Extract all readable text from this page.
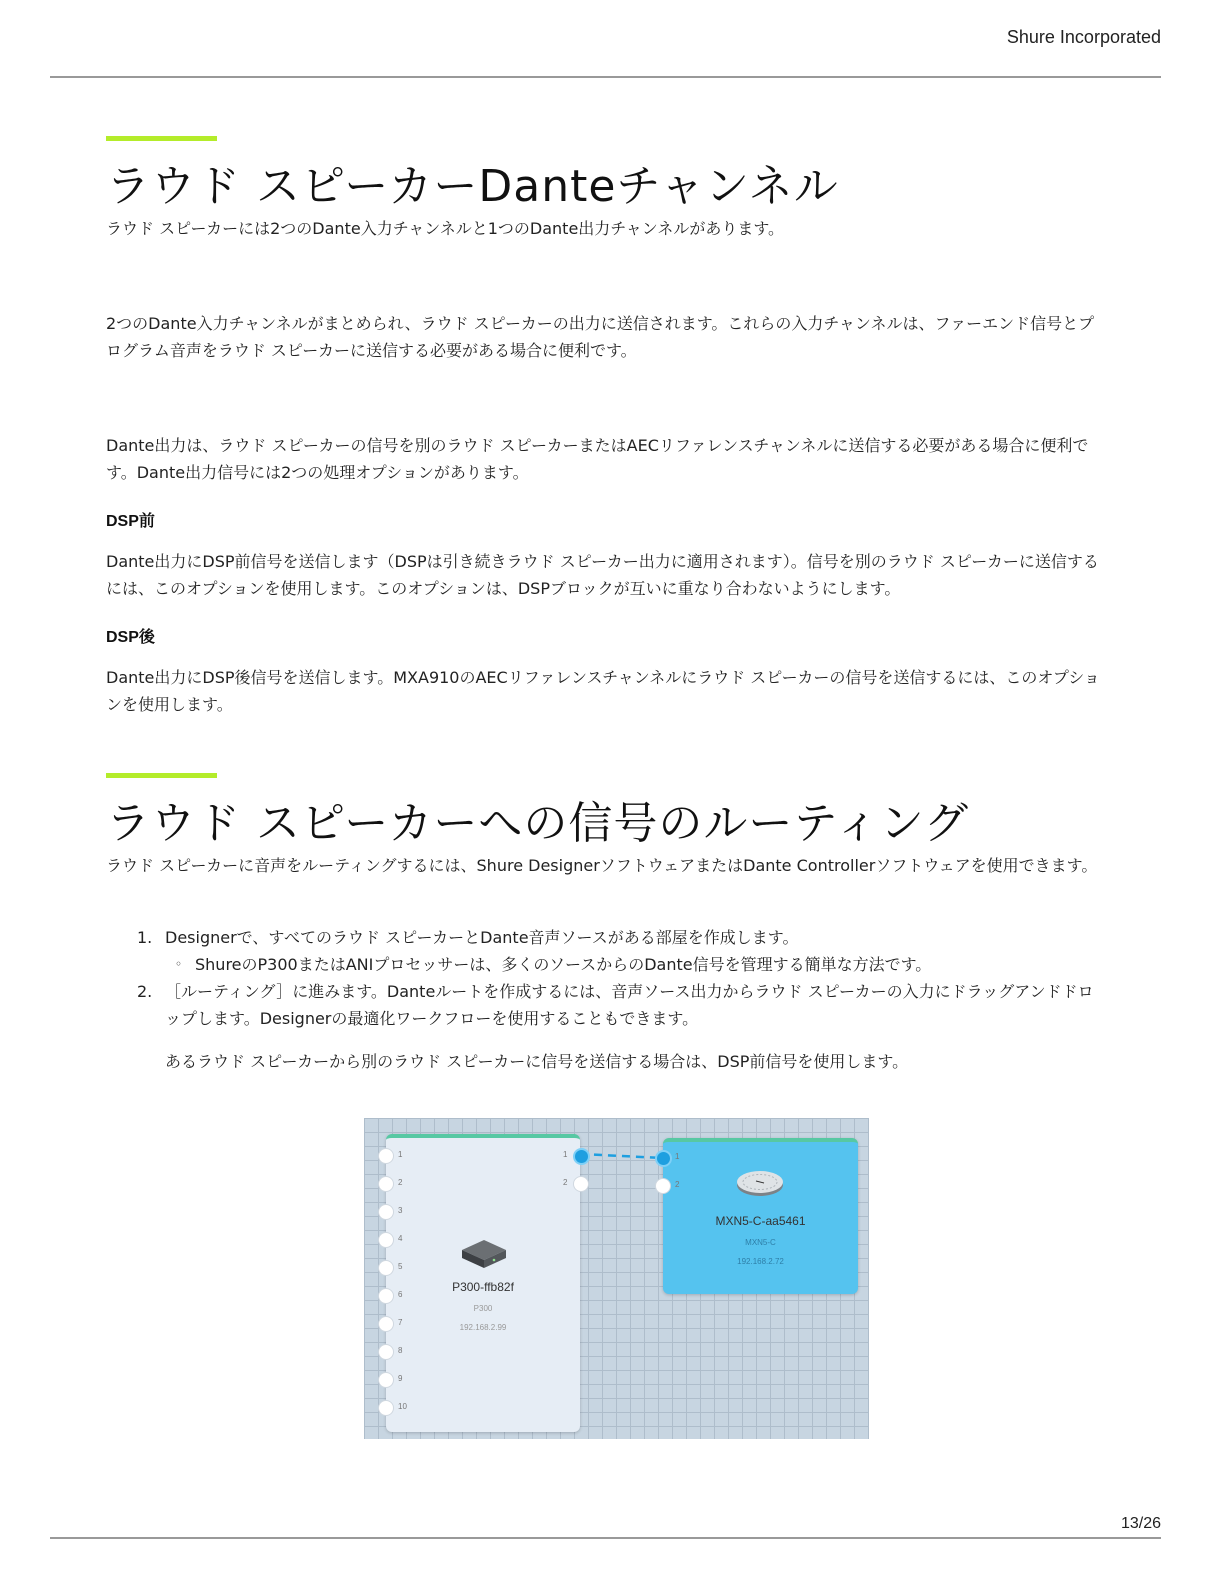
Shure Incorporated
ラウド スピーカーDanteチャンネル

ラウド スピーカーには2つのDante入力チャンネルと1つのDante出力チャンネルがあります。

2つのDante入力チャンネルがまとめられ、ラウド スピーカーの出力に送信されます。これらの入力チャンネルは、ファーエンド信号とプログラム音声をラウド スピーカーに送信する必要がある場合に便利です。

Dante出力は、ラウド スピーカーの信号を別のラウド スピーカーまたはAECリファレンスチャンネルに送信する必要がある場合に便利です。Dante出力信号には2つの処理オプションがあります。

DSP前

Dante出力にDSP前信号を送信します（DSPは引き続きラウド スピーカー出力に適用されます）。信号を別のラウド スピーカーに送信するには、このオプションを使用します。このオプションは、DSPブロックが互いに重なり合わないようにします。

DSP後

Dante出力にDSP後信号を送信します。MXA910のAECリファレンスチャンネルにラウド スピーカーの信号を送信するには、このオプションを使用します。

ラウド スピーカーへの信号のルーティング

ラウド スピーカーに音声をルーティングするには、Shure DesignerソフトウェアまたはDante Controllerソフトウェアを使用できます。

1. Designerで、すべてのラウド スピーカーとDante音声ソースがある部屋を作成します。
◦ ShureのP300またはANIプロセッサーは、多くのソースからのDante信号を管理する簡単な方法です。
2. ［ルーティング］に進みます。Danteルートを作成するには、音声ソース出力からラウド スピーカーの入力にドラッグアンドドロップします。Designerの最適化ワークフローを使用することもできます。
あるラウド スピーカーから別のラウド スピーカーに信号を送信する場合は、DSP前信号を使用します。
1
2
3
4
5
6
7
8
9
10
1
2
P300-ffb82f
P300
192.168.2.99
1
2
MXN5-C-aa5461
MXN5-C
192.168.2.72
13/26
